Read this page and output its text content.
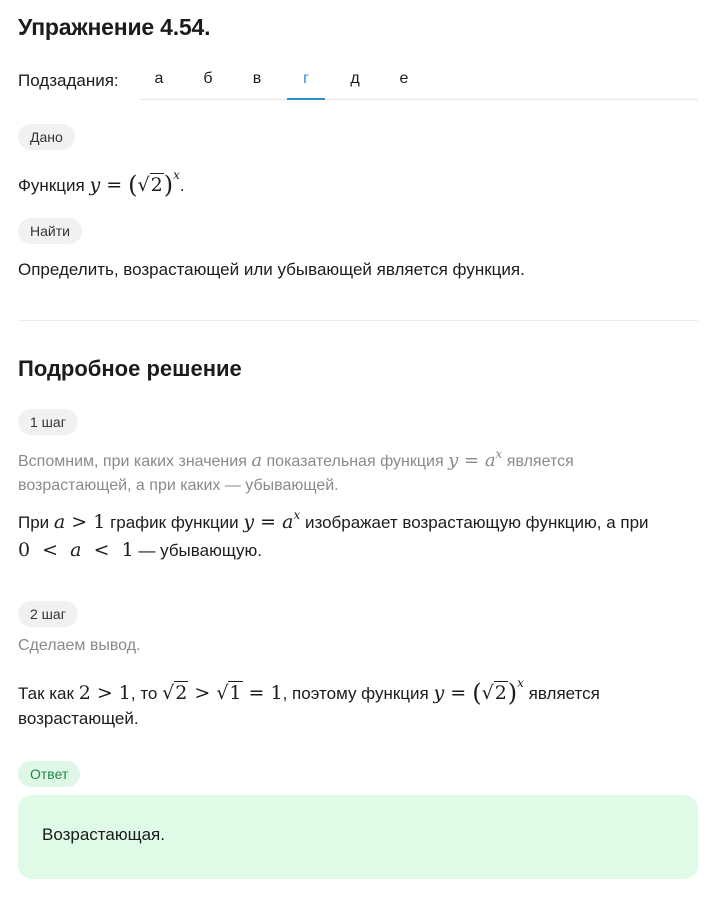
Упражнение 4.54.
Подзадания:	а	б	в	г	д	е
Дано
Функция $y = (√2)^x$.
Найти
Определить, возрастающей или убывающей является функция.
Подробное решение
1 шаг
Вспомним, при каких значения a показательная функция $y = a^x$ является
возрастающей, а при каких — убывающей.
При a > 1 график функции $y = a^x$ изображает возрастающую функцию, а при
0  <  a  <  1 — убывающую.
2 шаг
Сделаем вывод.
Так как 2 > 1, то √2 > √1 = 1, поэтому функция $y = (√2)^x$ является
возрастающей.
Ответ
Возрастающая.
